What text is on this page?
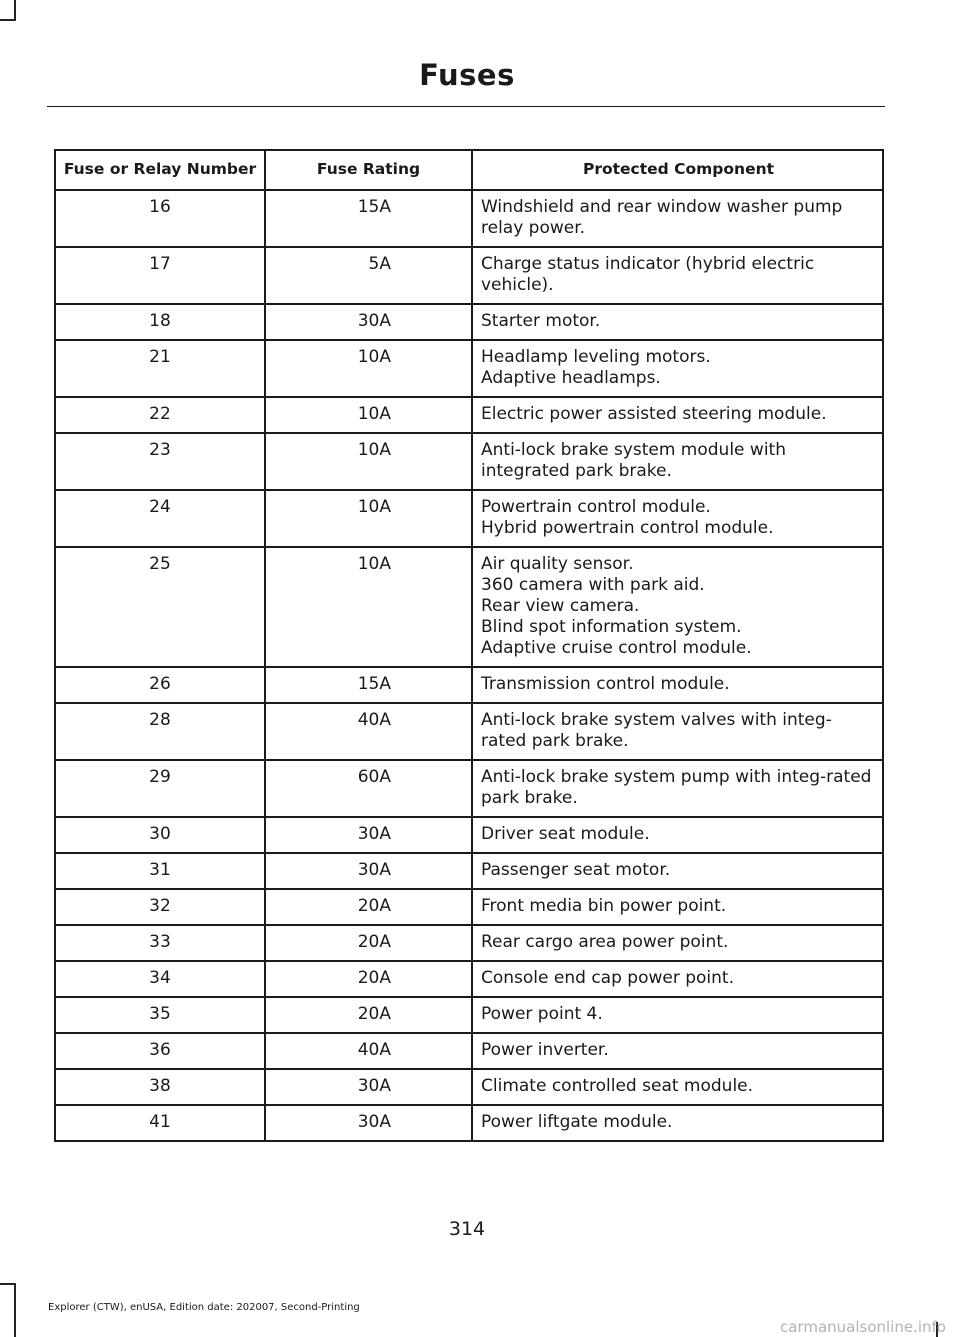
Fuses
Fuse or Relay Number	Fuse Rating	Protected Component
16	15A	Windshield and rear window washer pump relay power.

17	5A	Charge status indicator (hybrid electric vehicle).

18	30A	Starter motor.

21	10A	Headlamp leveling motors.
Adaptive headlamps.

22	10A	Electric power assisted steering module.

23	10A	Anti-lock brake system module with integrated park brake.

24	10A	Powertrain control module.
Hybrid powertrain control module.

25	10A	Air quality sensor.
360 camera with park aid.
Rear view camera.
Blind spot information system.
Adaptive cruise control module.

26	15A	Transmission control module.

28	40A	Anti-lock brake system valves with integ-rated park brake.

29	60A	Anti-lock brake system pump with integ-rated park brake.

30	30A	Driver seat module.

31	30A	Passenger seat motor.

32	20A	Front media bin power point.

33	20A	Rear cargo area power point.

34	20A	Console end cap power point.

35	20A	Power point 4.

36	40A	Power inverter.

38	30A	Climate controlled seat module.

41	30A	Power liftgate module.
314
Explorer (CTW), enUSA, Edition date: 202007, Second-Printing
carmanualsonline.info
